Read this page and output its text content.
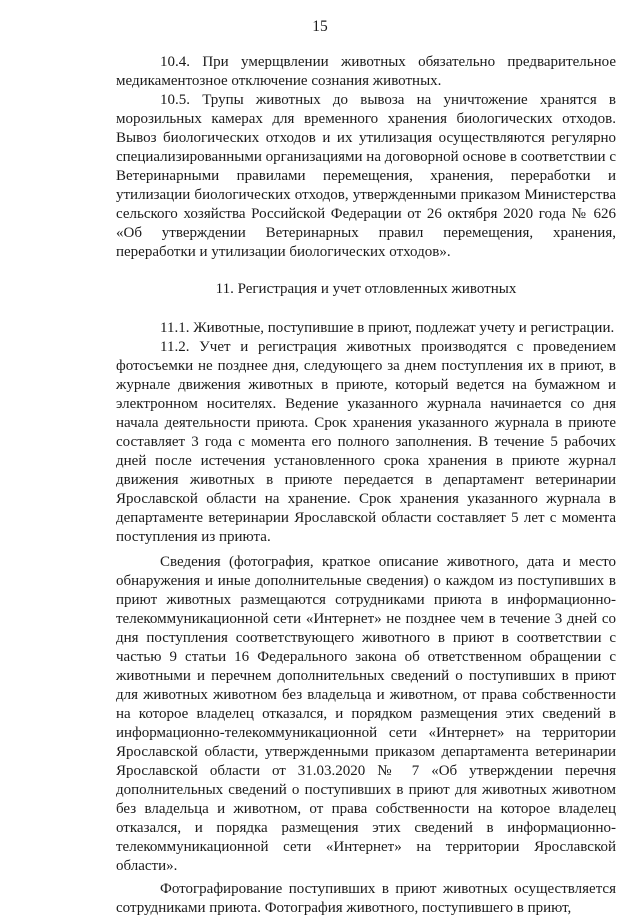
15

10.4. При умерщвлении животных обязательно предварительное медикаментозное отключение сознания животных.

10.5. Трупы животных до вывоза на уничтожение хранятся в морозильных камерах для временного хранения биологических отходов. Вывоз биологических отходов и их утилизация осуществляются регулярно специализированными организациями на договорной основе в соответствии с Ветеринарными правилами перемещения, хранения, переработки и утилизации биологических отходов, утвержденными приказом Министерства сельского хозяйства Российской Федерации от 26 октября 2020 года № 626 «Об утверждении Ветеринарных правил перемещения, хранения, переработки и утилизации биологических отходов».

11. Регистрация и учет отловленных животных

11.1. Животные, поступившие в приют, подлежат учету и регистрации.

11.2. Учет и регистрация животных производятся с проведением фотосъемки не позднее дня, следующего за днем поступления их в приют, в журнале движения животных в приюте, который ведется на бумажном и электронном носителях. Ведение указанного журнала начинается со дня начала деятельности приюта. Срок хранения указанного журнала в приюте составляет 3 года с момента его полного заполнения. В течение 5 рабочих дней после истечения установленного срока хранения в приюте журнал движения животных в приюте передается в департамент ветеринарии Ярославской области на хранение. Срок хранения указанного журнала в департаменте ветеринарии Ярославской области составляет 5 лет с момента поступления из приюта.

Сведения (фотография, краткое описание животного, дата и место обнаружения и иные дополнительные сведения) о каждом из поступивших в приют животных размещаются сотрудниками приюта в информационно-телекоммуникационной сети «Интернет» не позднее чем в течение 3 дней со дня поступления соответствующего животного в приют в соответствии с частью 9 статьи 16 Федерального закона об ответственном обращении с животными и перечнем дополнительных сведений о поступивших в приют для животных животном без владельца и животном, от права собственности на которое владелец отказался, и порядком размещения этих сведений в информационно-телекоммуникационной сети «Интернет» на территории Ярославской области, утвержденными приказом департамента ветеринарии Ярославской области от 31.03.2020 № 7 «Об утверждении перечня дополнительных сведений о поступивших в приют для животных животном без владельца и животном, от права собственности на которое владелец отказался, и порядка размещения этих сведений в информационно-телекоммуникационной сети «Интернет» на территории Ярославской области».

Фотографирование поступивших в приют животных осуществляется сотрудниками приюта. Фотография животного, поступившего в приют,
